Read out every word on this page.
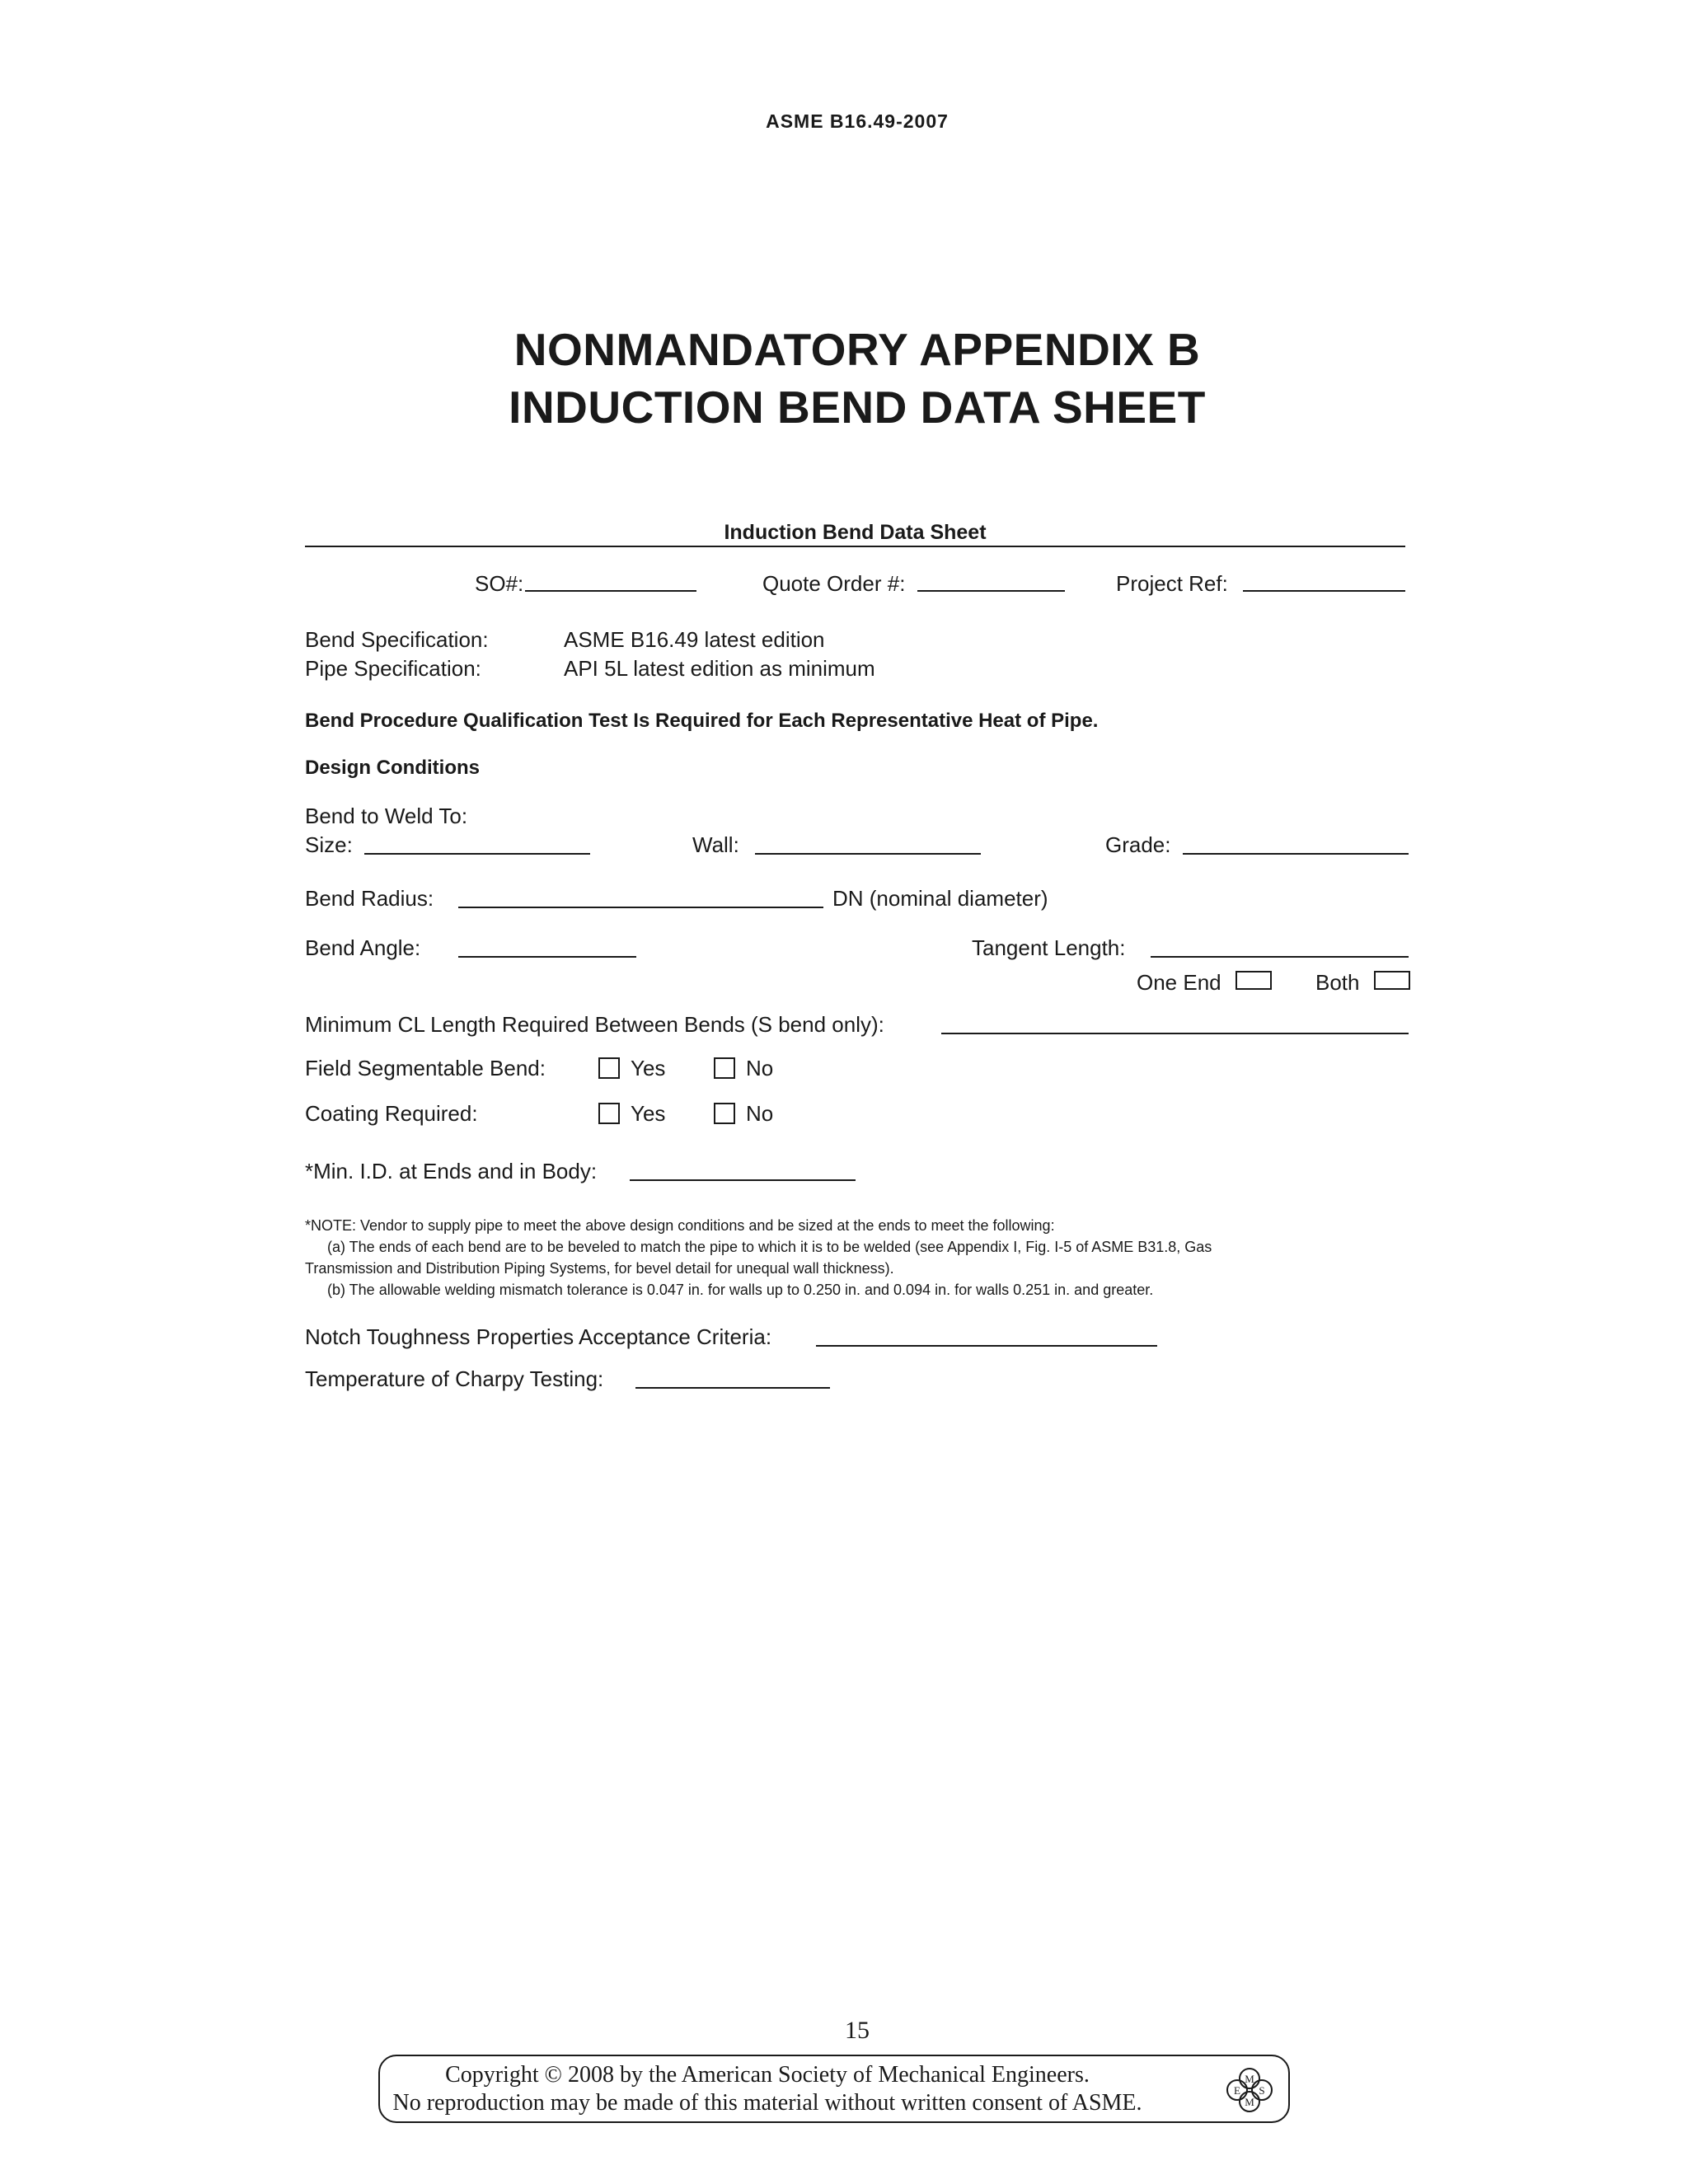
ASME B16.49-2007
NONMANDATORY APPENDIX B
INDUCTION BEND DATA SHEET
Induction Bend Data Sheet
SO#:	Quote Order #:	Project Ref:
Bend Specification:	ASME B16.49 latest edition
Pipe Specification:	API 5L latest edition as minimum
Bend Procedure Qualification Test Is Required for Each Representative Heat of Pipe.
Design Conditions
Bend to Weld To:
Size:	Wall:	Grade:
Bend Radius:	DN (nominal diameter)
Bend Angle:	Tangent Length:
One End	Both
Minimum CL Length Required Between Bends (S bend only):
Field Segmentable Bend:	Yes	No
Coating Required:	Yes	No
*Min. I.D. at Ends and in Body:
*NOTE: Vendor to supply pipe to meet the above design conditions and be sized at the ends to meet the following:
(a) The ends of each bend are to be beveled to match the pipe to which it is to be welded (see Appendix I, Fig. I-5 of ASME B31.8, Gas
Transmission and Distribution Piping Systems, for bevel detail for unequal wall thickness).
(b) The allowable welding mismatch tolerance is 0.047 in. for walls up to 0.250 in. and 0.094 in. for walls 0.251 in. and greater.
Notch Toughness Properties Acceptance Criteria:
Temperature of Charpy Testing:
15
Copyright © 2008 by the American Society of Mechanical Engineers.
No reproduction may be made of this material without written consent of ASME.
M
E S
M
